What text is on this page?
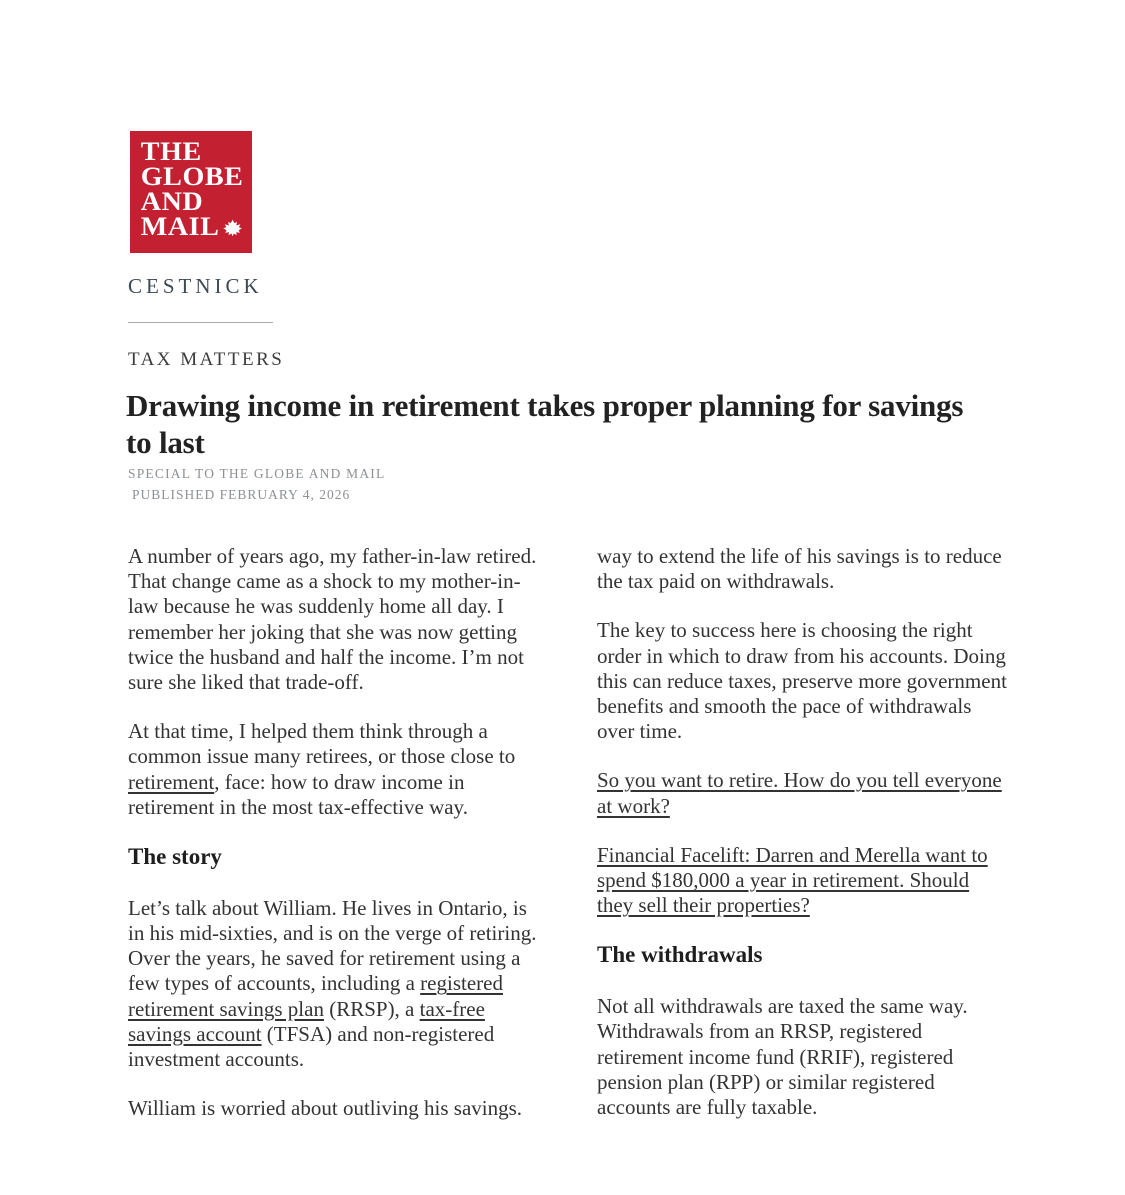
THE
GLOBE
AND
MAIL
CESTNICK
TAX MATTERS
Drawing income in retirement takes proper planning for savings to last
SPECIAL TO THE GLOBE AND MAIL
PUBLISHED FEBRUARY 4, 2026

A number of years ago, my father-in-law retired. That change came as a shock to my mother-in-law because he was suddenly home all day. I remember her joking that she was now getting twice the husband and half the income. I’m not sure she liked that trade-off.

At that time, I helped them think through a common issue many retirees, or those close to retirement, face: how to draw income in retirement in the most tax-effective way.

The story

Let’s talk about William. He lives in Ontario, is in his mid-sixties, and is on the verge of retiring. Over the years, he saved for retirement using a few types of accounts, including a registered retirement savings plan (RRSP), a tax-free savings account (TFSA) and non-registered investment accounts.

William is worried about outliving his savings.

way to extend the life of his savings is to reduce the tax paid on withdrawals.

The key to success here is choosing the right order in which to draw from his accounts. Doing this can reduce taxes, preserve more government benefits and smooth the pace of withdrawals over time.

So you want to retire. How do you tell everyone at work?

Financial Facelift: Darren and Merella want to spend $180,000 a year in retirement. Should they sell their properties?

The withdrawals

Not all withdrawals are taxed the same way. Withdrawals from an RRSP, registered retirement income fund (RRIF), registered pension plan (RPP) or similar registered accounts are fully taxable.
